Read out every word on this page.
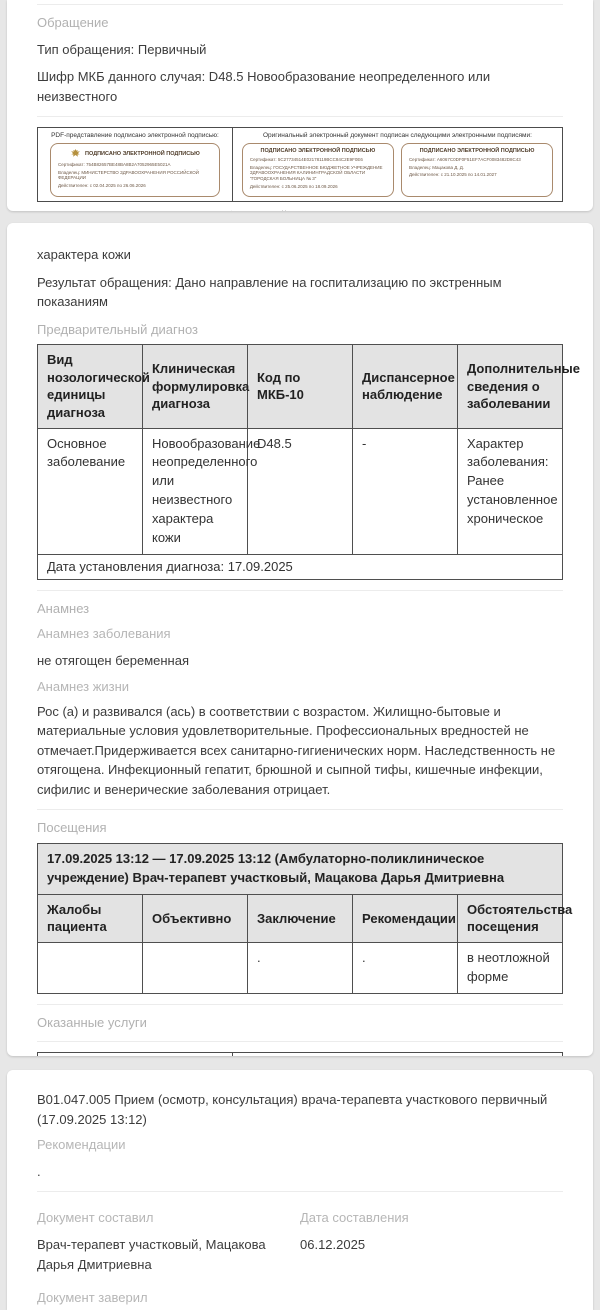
Обращение
Тип обращения: Первичный
Шифр МКБ данного случая: D48.5 Новообразование неопределенного или неизвестного
PDF-представление подписано электронной подписью:
ПОДПИСАНО ЭЛЕКТРОННОЙ ПОДПИСЬЮ
Сертификат: 754B82657BE48BA8B2A7052965E5021A
Владелец: МИНИСТЕРСТВО ЗДРАВООХРАНЕНИЯ РОССИЙСКОЙ ФЕДЕРАЦИИ
Действителен: с 02.04.2025 по 26.06.2026
Оригинальный электронный документ подписан следующими электронными подписями:
ПОДПИСАНО ЭЛЕКТРОННОЙ ПОДПИСЬЮ
Сертификат: 5C27734514E02178119BCC84C2E9F0E6
Владелец: ГОСУДАРСТВЕННОЕ БЮДЖЕТНОЕ УЧРЕЖДЕНИЕ ЗДРАВООХРАНЕНИЯ КАЛИНИНГРАДСКОЙ ОБЛАСТИ "ГОРОДСКАЯ БОЛЬНИЦА № 3"
Действителен: с 25.06.2025 по 18.09.2026
ПОДПИСАНО ЭЛЕКТРОННОЙ ПОДПИСЬЮ
Сертификат: A6067C0DF0F51EF7ACF0083482D8C43
Владелец: Мацакова Д. Д.
Действителен: с 21.10.2025 по 14.01.2027
характера кожи
Результат обращения: Дано направление на госпитализацию по экстренным показаниям
Предварительный диагноз
Вид нозологической единицы диагноза	Клиническая формулировка диагноза	Код по МКБ-10	Диспансерное наблюдение	Дополнительные сведения о заболевании
Основное заболевание	Новообразование неопределенного или неизвестного характера кожи	D48.5	-	Характер заболевания: Ранее установленное хроническое
Дата установления диагноза: 17.09.2025				
Анамнез
Анамнез заболевания
не отягощен беременная
Анамнез жизни
Рос (а) и развивался (ась) в соответствии с возрастом. Жилищно-бытовые и материальные условия удовлетворительные. Профессиональных вредностей не отмечает.Придерживается всех санитарно-гигиенических норм. Наследственность не отягощена. Инфекционный гепатит, брюшной и сыпной тифы, кишечные инфекции, сифилис и венерические заболевания отрицает.
Посещения
17.09.2025 13:12 — 17.09.2025 13:12 (Амбулаторно-поликлиническое учреждение) Врач-терапевт участковый, Мацакова Дарья Дмитриевна				
Жалобы пациента	Объективно	Заключение	Рекомендации	Обстоятельства посещения
		.	.	в неотложной форме
Оказанные услуги
В01.047.005 Прием (осмотр, консультация) врача-терапевта участкового первичный (17.09.2025 13:12)
Рекомендации
.
Документ составил
Врач-терапевт участковый, Мацакова Дарья Дмитриевна
Дата составления
06.12.2025
Документ заверил
